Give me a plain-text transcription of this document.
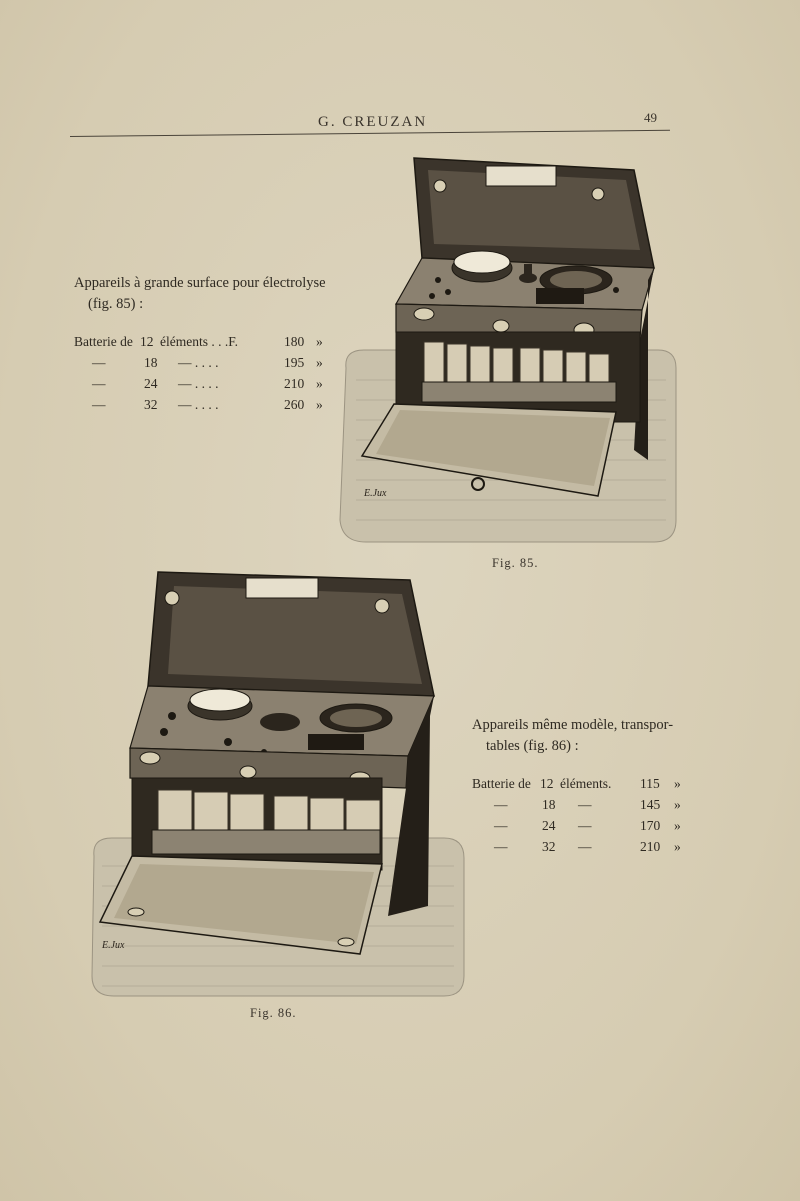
G. CREUZAN	49
Appareils à grande surface pour électrolyse
(fig. 85) :
Batterie de 12 éléments . . .F.	180 »
—	18 — . . . .	195 »
—	24 — . . . .	210 »
—	32 — . . . .	260 »
E.Jux
Fig. 85.
E.Jux
Fig. 86.
Appareils même modèle, transpor-
tables (fig. 86) :
Batterie de 12 éléments. 115 »
—	18 —	145 »
—	24 —	170 »
—	32 —	210 »
